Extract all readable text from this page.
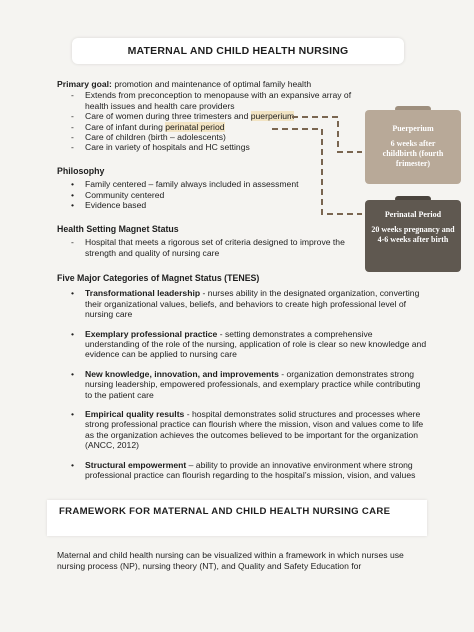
MATERNAL AND CHILD HEALTH NURSING
Primary goal: promotion and maintenance of optimal family health
- Extends from preconception to menopause with an expansive array of health issues and health care providers
- Care of women during three trimesters and puerperium
- Care of infant during perinatal period
- Care of children (birth – adolescents)
- Care in variety of hospitals and HC settings
Philosophy
• Family centered – family always included in assessment
• Community centered
• Evidence based
Health Setting Magnet Status
- Hospital that meets a rigorous set of criteria designed to improve the strength and quality of nursing care
Five Major Categories of Magnet Status (TENES)
• Transformational leadership - nurses ability in the designated organization, converting their organizational values, beliefs, and behaviors to create high professional level of nursing care
• Exemplary professional practice - setting demonstrates a comprehensive understanding of the role of the nursing, application of role is clear so new knowledge and evidence can be applied to nursing care
• New knowledge, innovation, and improvements - organization demonstrates strong nursing leadership, empowered professionals, and exemplary practice while contributing to the patient care
• Empirical quality results - hospital demonstrates solid structures and processes where strong professional practice can flourish where the mission, vison and values come to life as the organization achieves the outcomes believed to be important for the organization (ANCC, 2012)
• Structural empowerment – ability to provide an innovative environment where strong professional practice can flourish regarding to the hospital’s mission, vision, and values
Puerperium
6 weeks after childbirth (fourth frimester)
Perinatal Period
20 weeks pregnancy and 4-6 weeks after birth
FRAMEWORK FOR MATERNAL AND CHILD HEALTH NURSING CARE
Maternal and child health nursing can be visualized within a framework in which nurses use nursing process (NP), nursing theory (NT), and Quality and Safety Education for
